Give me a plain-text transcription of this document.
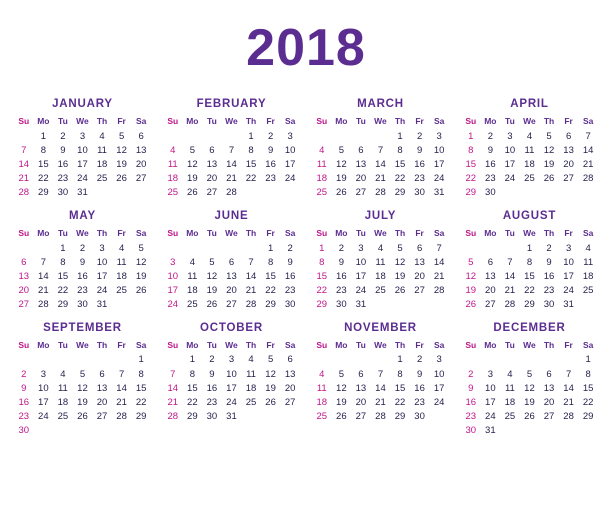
2018
JANUARY
Su	Mo	Tu	We	Th	Fr	Sa
	1	2	3	4	5	6
7	8	9	10	11	12	13
14	15	16	17	18	19	20
21	22	23	24	25	26	27
28	29	30	31			
FEBRUARY
Su	Mo	Tu	We	Th	Fr	Sa
				1	2	3
4	5	6	7	8	9	10
11	12	13	14	15	16	17
18	19	20	21	22	23	24
25	26	27	28			
MARCH
Su	Mo	Tu	We	Th	Fr	Sa
				1	2	3
4	5	6	7	8	9	10
11	12	13	14	15	16	17
18	19	20	21	22	23	24
25	26	27	28	29	30	31
APRIL
Su	Mo	Tu	We	Th	Fr	Sa
1	2	3	4	5	6	7
8	9	10	11	12	13	14
15	16	17	18	19	20	21
22	23	24	25	26	27	28
29	30					
MAY
Su	Mo	Tu	We	Th	Fr	Sa
		1	2	3	4	5
6	7	8	9	10	11	12
13	14	15	16	17	18	19
20	21	22	23	24	25	26
27	28	29	30	31		
JUNE
Su	Mo	Tu	We	Th	Fr	Sa
					1	2
3	4	5	6	7	8	9
10	11	12	13	14	15	16
17	18	19	20	21	22	23
24	25	26	27	28	29	30
JULY
Su	Mo	Tu	We	Th	Fr	Sa
1	2	3	4	5	6	7
8	9	10	11	12	13	14
15	16	17	18	19	20	21
22	23	24	25	26	27	28
29	30	31				
AUGUST
Su	Mo	Tu	We	Th	Fr	Sa
			1	2	3	4
5	6	7	8	9	10	11
12	13	14	15	16	17	18
19	20	21	22	23	24	25
26	27	28	29	30	31	
SEPTEMBER
Su	Mo	Tu	We	Th	Fr	Sa
						1
2	3	4	5	6	7	8
9	10	11	12	13	14	15
16	17	18	19	20	21	22
23	24	25	26	27	28	29
30						
OCTOBER
Su	Mo	Tu	We	Th	Fr	Sa
	1	2	3	4	5	6
7	8	9	10	11	12	13
14	15	16	17	18	19	20
21	22	23	24	25	26	27
28	29	30	31			
NOVEMBER
Su	Mo	Tu	We	Th	Fr	Sa
				1	2	3
4	5	6	7	8	9	10
11	12	13	14	15	16	17
18	19	20	21	22	23	24
25	26	27	28	29	30	
DECEMBER
Su	Mo	Tu	We	Th	Fr	Sa
						1
2	3	4	5	6	7	8
9	10	11	12	13	14	15
16	17	18	19	20	21	22
23	24	25	26	27	28	29
30	31					
